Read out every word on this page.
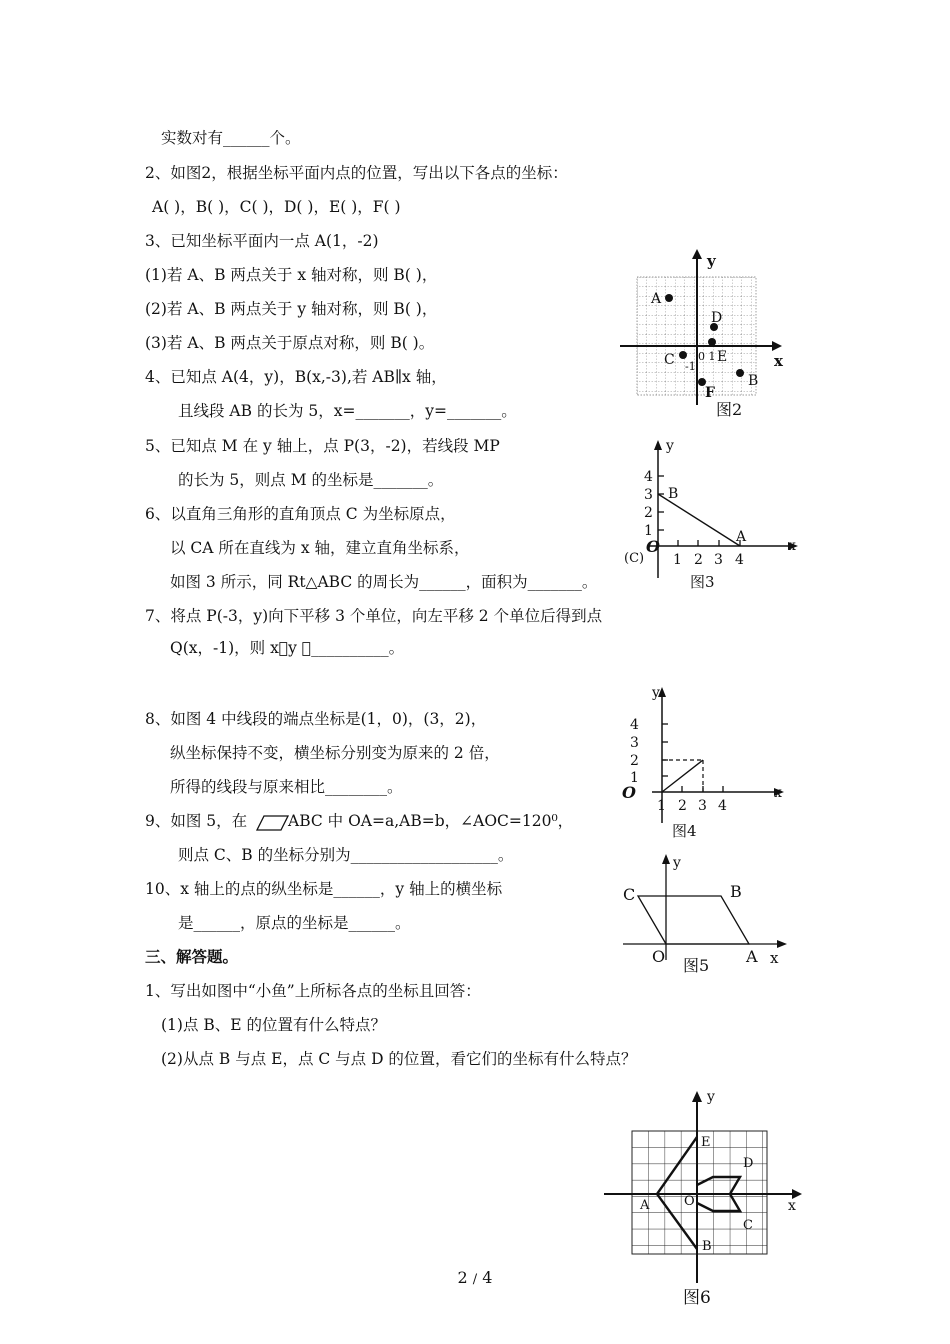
实数对有______个。
2、如图2，根据坐标平面内点的位置，写出以下各点的坐标：
A( )，B( )，C( )，D( )，E( )，F( )
3、已知坐标平面内一点 A(1，-2)
(1)若 A、B 两点关于 x 轴对称，则 B( )，
(2)若 A、B 两点关于 y 轴对称，则 B( )，
(3)若 A、B 两点关于原点对称，则 B( )。
4、已知点 A(4，y)，B(x,-3),若 AB∥x 轴，
且线段 AB 的长为 5，x=_______，y=_______。
5、已知点 M 在 y 轴上，点 P(3，-2)，若线段 MP
的长为 5，则点 M 的坐标是_______。
6、以直角三角形的直角顶点 C 为坐标原点，
以 CA 所在直线为 x 轴，建立直角坐标系，
如图 3 所示，同 Rt△ABC 的周长为______，面积为_______。
7、将点 P(-3，y)向下平移 3 个单位，向左平移 2 个单位后得到点
Q(x，-1)，则 x⃞y ＝__________。
8、如图 4 中线段的端点坐标是(1，0)，(3，2)，
纵坐标保持不变，横坐标分别变为原来的 2 倍，
所得的线段与原来相比________。
9、如图 5，在	ABC 中 OA=a,AB=b，∠AOC=120⁰，
则点 C、B 的坐标分别为___________________。
10、x 轴上的点的纵坐标是______，y 轴上的横坐标
是______，原点的坐标是______。
三、解答题。
1、写出如图中“小鱼”上所标各点的坐标且回答：
(1)点 B、E 的位置有什么特点？
(2)从点 B 与点 E，点 C 与点 D 的位置，看它们的坐标有什么特点？
y
x
A
D
C 0 1 E
-1
B
F
图2
y
x
4
3
2
1
O
(C)
B
A
1 2 3 4
图3
y
x
4
3
2
1
O
1 2 3 4
图4
y
x
C	B
O	A
图5
y
x
E
D
A	O
C
B
图6
2 / 4
